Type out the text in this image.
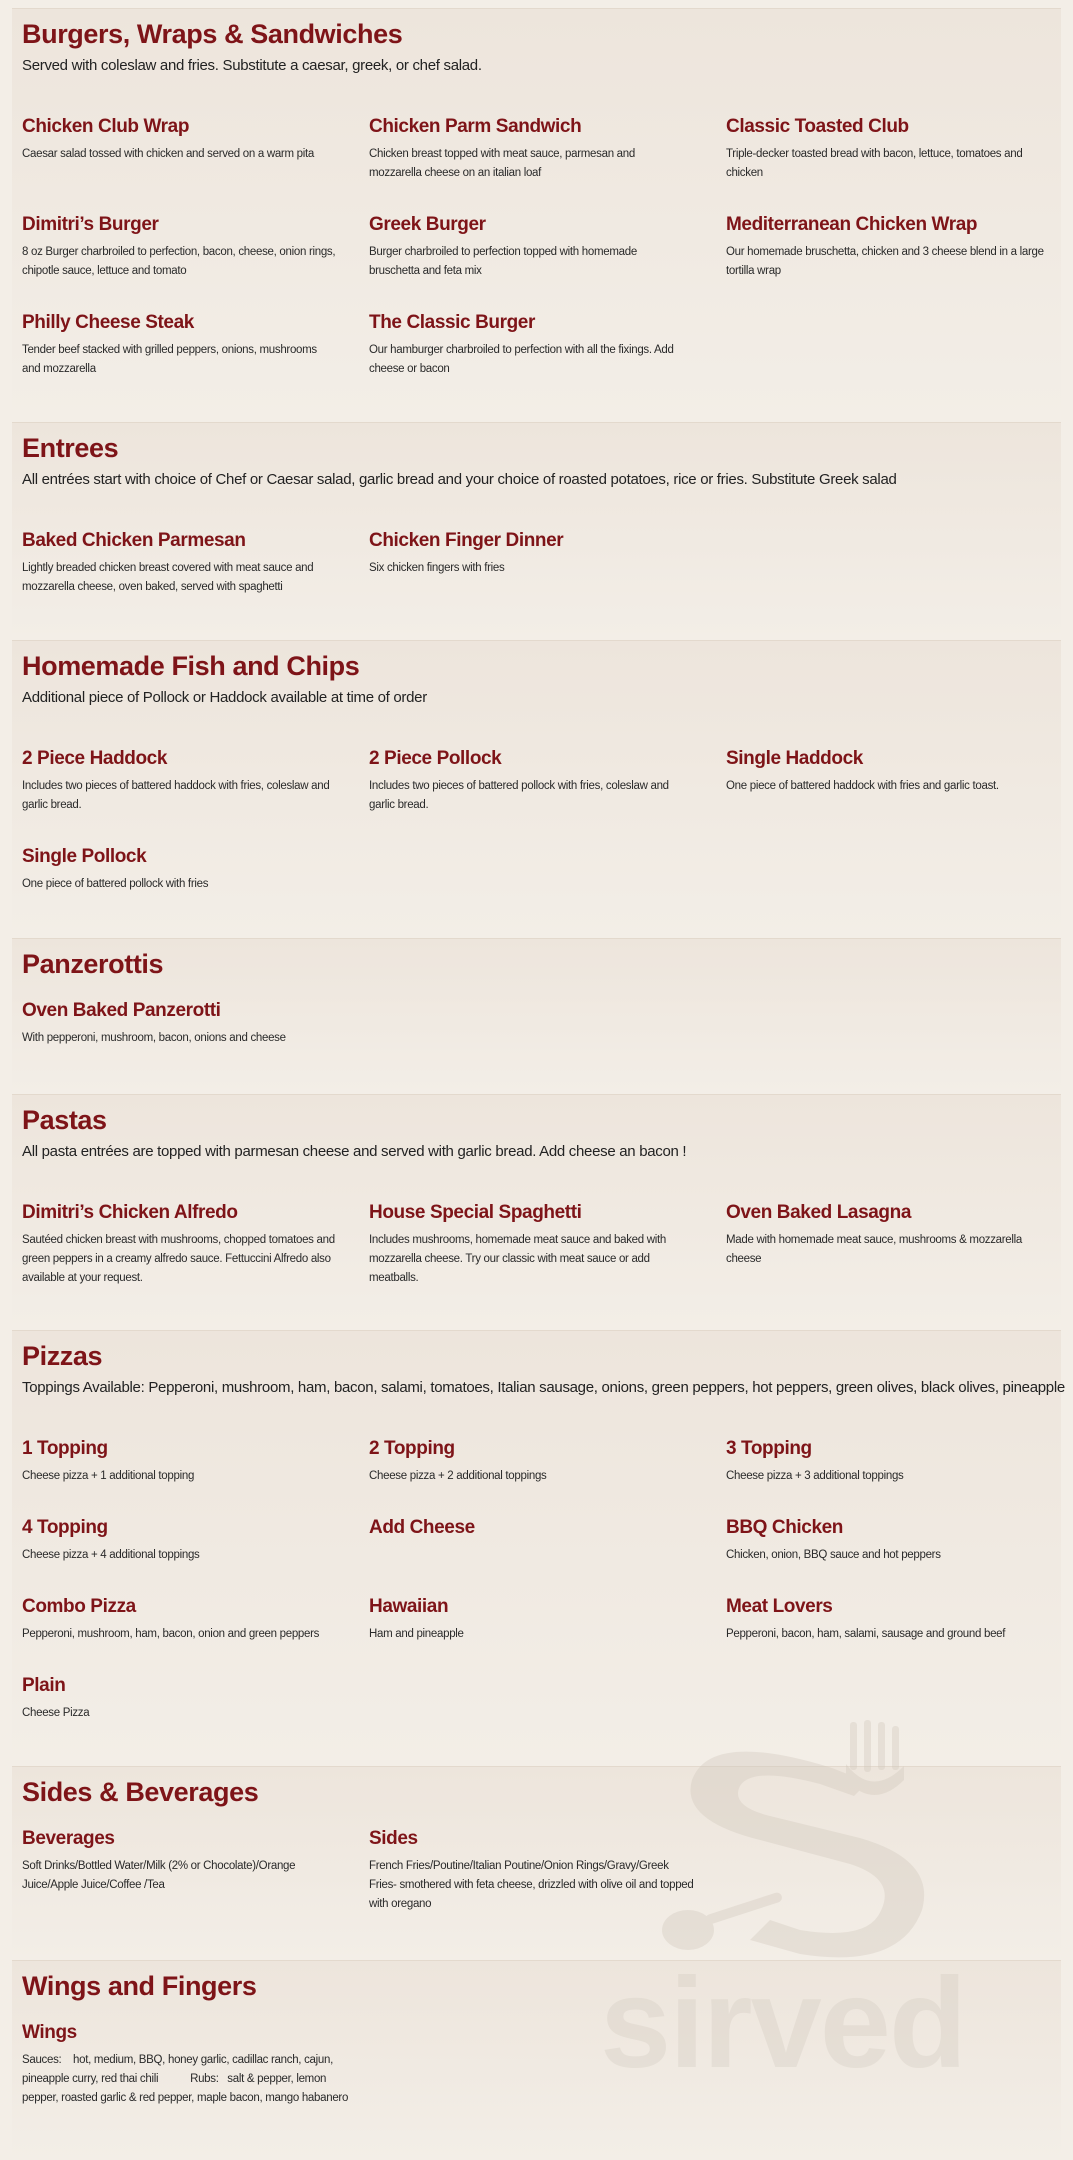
Burgers, Wraps & Sandwiches

Served with coleslaw and fries. Substitute a caesar, greek, or chef salad.

Chicken Club Wrap

Caesar salad tossed with chicken and served on a warm pita

Chicken Parm Sandwich

Chicken breast topped with meat sauce, parmesan and mozzarella cheese on an italian loaf

Classic Toasted Club

Triple-decker toasted bread with bacon, lettuce, tomatoes and chicken

Dimitri’s Burger

8 oz Burger charbroiled to perfection, bacon, cheese, onion rings, chipotle sauce, lettuce and tomato

Greek Burger

Burger charbroiled to perfection topped with homemade bruschetta and feta mix

Mediterranean Chicken Wrap

Our homemade bruschetta, chicken and 3 cheese blend in a large tortilla wrap

Philly Cheese Steak

Tender beef stacked with grilled peppers, onions, mushrooms and mozzarella

The Classic Burger

Our hamburger charbroiled to perfection with all the fixings. Add cheese or bacon

Entrees

All entrées start with choice of Chef or Caesar salad, garlic bread and your choice of roasted potatoes, rice or fries. Substitute Greek salad

Baked Chicken Parmesan

Lightly breaded chicken breast covered with meat sauce and mozzarella cheese, oven baked, served with spaghetti

Chicken Finger Dinner

Six chicken fingers with fries

Homemade Fish and Chips

Additional piece of Pollock or Haddock available at time of order

2 Piece Haddock

Includes two pieces of battered haddock with fries, coleslaw and garlic bread.

2 Piece Pollock

Includes two pieces of battered pollock with fries, coleslaw and garlic bread.

Single Haddock

One piece of battered haddock with fries and garlic toast.

Single Pollock

One piece of battered pollock with fries

Panzerottis
Oven Baked Panzerotti

With pepperoni, mushroom, bacon, onions and cheese

Pastas

All pasta entrées are topped with parmesan cheese and served with garlic bread. Add cheese an bacon !

Dimitri’s Chicken Alfredo

Sautéed chicken breast with mushrooms, chopped tomatoes and green peppers in a creamy alfredo sauce. Fettuccini Alfredo also available at your request.

House Special Spaghetti

Includes mushrooms, homemade meat sauce and baked with mozzarella cheese. Try our classic with meat sauce or add meatballs.

Oven Baked Lasagna

Made with homemade meat sauce, mushrooms & mozzarella cheese

Pizzas

Toppings Available: Pepperoni, mushroom, ham, bacon, salami, tomatoes, Italian sausage, onions, green peppers, hot peppers, green olives, black olives, pineapple

1 Topping

Cheese pizza + 1 additional topping

2 Topping

Cheese pizza + 2 additional toppings

3 Topping

Cheese pizza + 3 additional toppings

4 Topping

Cheese pizza + 4 additional toppings

Add Cheese	BBQ Chicken

Chicken, onion, BBQ sauce and hot peppers

Combo Pizza

Pepperoni, mushroom, ham, bacon, onion and green peppers

Hawaiian

Ham and pineapple

Meat Lovers

Pepperoni, bacon, ham, salami, sausage and ground beef

Plain

Cheese Pizza

Sides & Beverages
Beverages

Soft Drinks/Bottled Water/Milk (2% or Chocolate)/Orange Juice/Apple Juice/Coffee /Tea

Sides

French Fries/Poutine/Italian Poutine/Onion Rings/Gravy/Greek Fries- smothered with feta cheese, drizzled with olive oil and topped with oregano

Wings and Fingers
Wings

Sauces:    hot, medium, BBQ, honey garlic, cadillac ranch, cajun, pineapple curry, red thai chili           Rubs:   salt & pepper, lemon pepper, roasted garlic & red pepper, maple bacon, mango habanero

sirved
